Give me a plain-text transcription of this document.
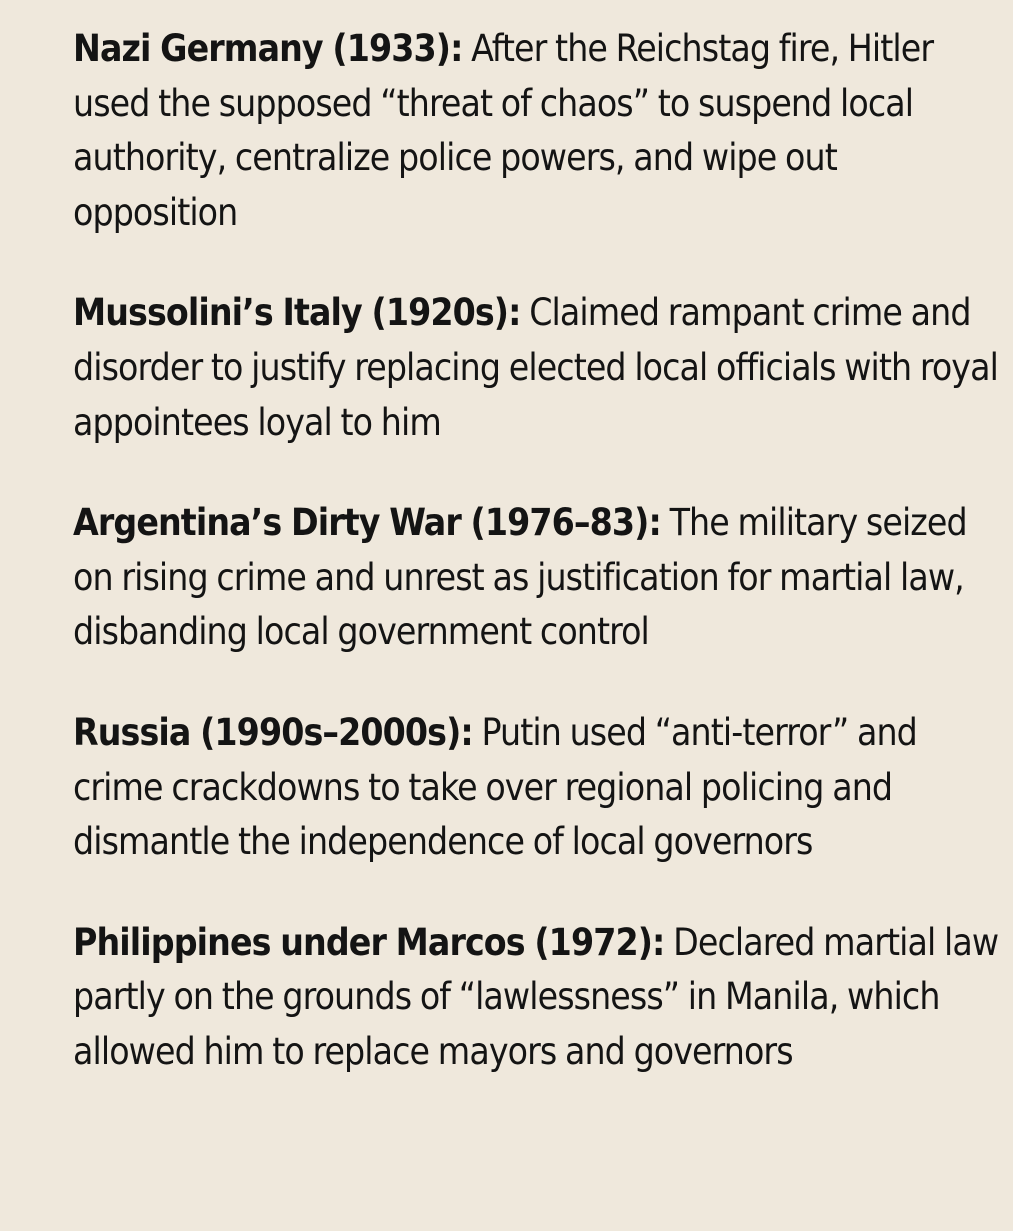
Nazi Germany (1933): After the Reichstag fire, Hitler used the supposed “threat of chaos” to suspend local authority, centralize police powers, and wipe out opposition

Mussolini’s Italy (1920s): Claimed rampant crime and disorder to justify replacing elected local officials with royal appointees loyal to him

Argentina’s Dirty War (1976–83): The military seized on rising crime and unrest as justification for martial law, disbanding local government control

Russia (1990s–2000s): Putin used “anti-terror” and crime crackdowns to take over regional policing and dismantle the independence of local governors

Philippines under Marcos (1972): Declared martial law partly on the grounds of “lawlessness” in Manila, which allowed him to replace mayors and governors
